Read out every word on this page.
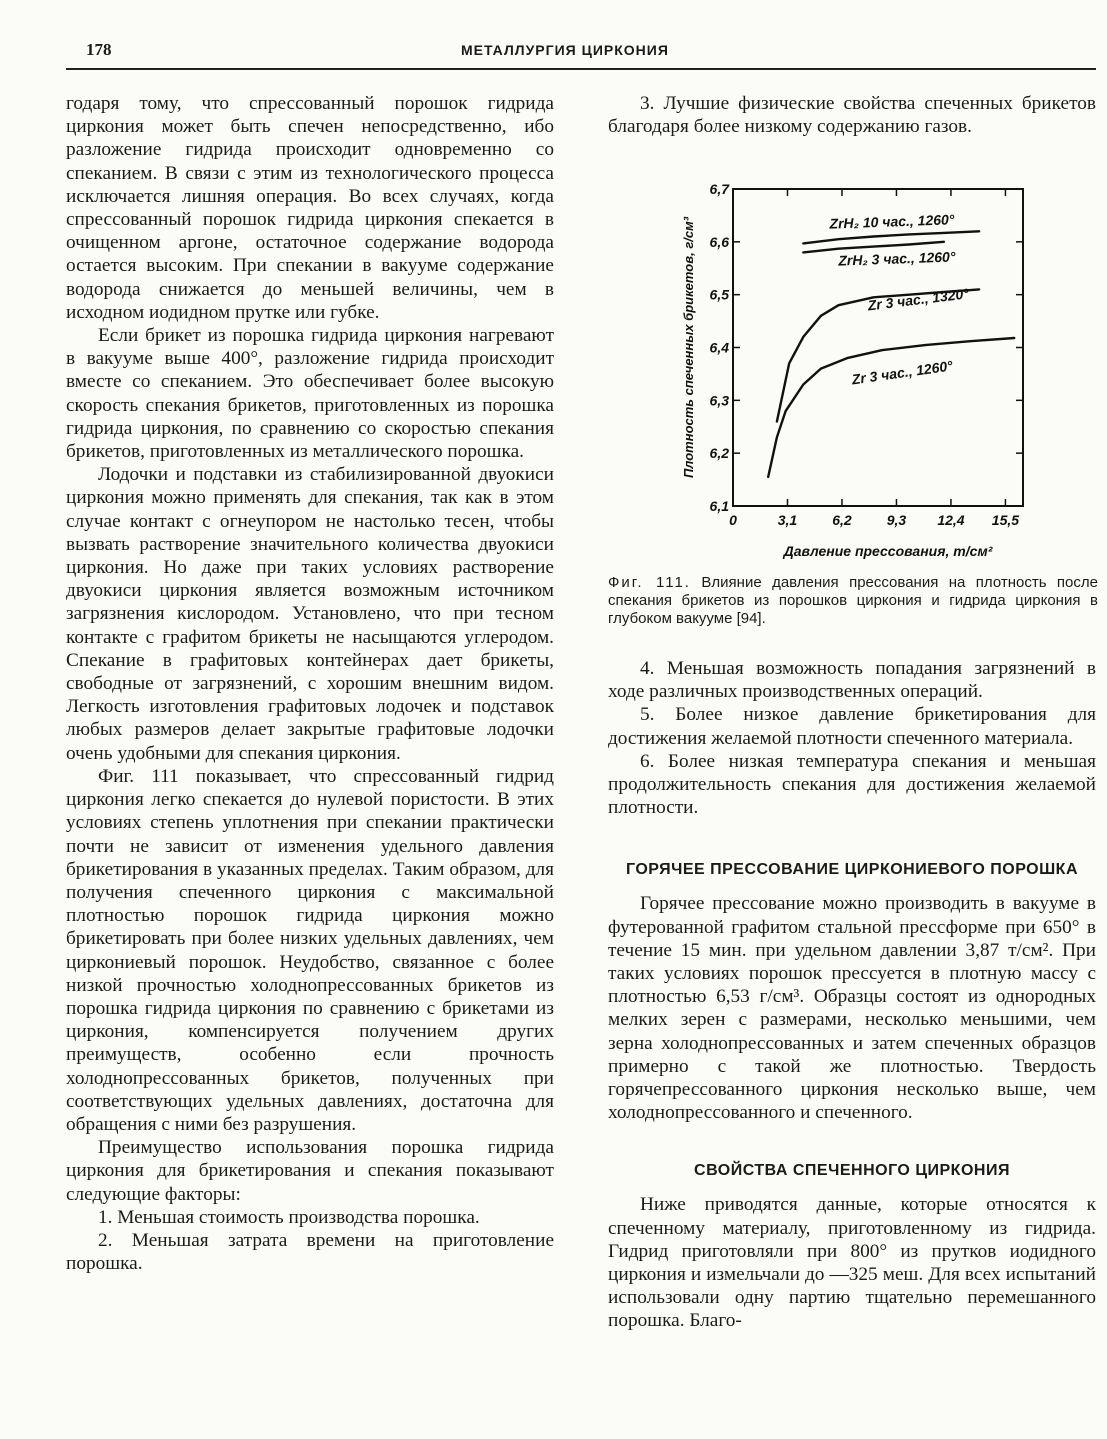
178	МЕТАЛЛУРГИЯ ЦИРКОНИЯ

годаря тому, что спрессованный порошок гидрида циркония может быть спечен непосредственно, ибо разложение гидрида происходит одновременно со спеканием. В связи с этим из технологического процесса исключается лишняя операция. Во всех случаях, когда спрессованный порошок гидрида циркония спекается в очищенном аргоне, остаточное содержание водорода остается высоким. При спекании в вакууме содержание водорода снижается до меньшей величины, чем в исходном иодидном прутке или губке.

Если брикет из порошка гидрида циркония нагревают в вакууме выше 400°, разложение гидрида происходит вместе со спеканием. Это обеспечивает более высокую скорость спекания брикетов, приготовленных из порошка гидрида циркония, по сравнению со скоростью спекания брикетов, приготовленных из металлического порошка.

Лодочки и подставки из стабилизированной двуокиси циркония можно применять для спекания, так как в этом случае контакт с огнеупором не настолько тесен, чтобы вызвать растворение значительного количества двуокиси циркония. Но даже при таких условиях растворение двуокиси циркония является возможным источником загрязнения кислородом. Установлено, что при тесном контакте с графитом брикеты не насыщаются углеродом. Спекание в графитовых контейнерах дает брикеты, свободные от загрязнений, с хорошим внешним видом. Легкость изготовления графитовых лодочек и подставок любых размеров делает закрытые графитовые лодочки очень удобными для спекания циркония.

Фиг. 111 показывает, что спрессованный гидрид циркония легко спекается до нулевой пористости. В этих условиях степень уплотнения при спекании практически почти не зависит от изменения удельного давления брикетирования в указанных пределах. Таким образом, для получения спеченного циркония с максимальной плотностью порошок гидрида циркония можно брикетировать при более низких удельных давлениях, чем циркониевый порошок. Неудобство, связанное с более низкой прочностью холоднопрессованных брикетов из порошка гидрида циркония по сравнению с брикетами из циркония, компенсируется получением других преимуществ, особенно если прочность холоднопрессованных брикетов, полученных при соответствующих удельных давлениях, достаточна для обращения с ними без разрушения.

Преимущество использования порошка гидрида циркония для брикетирования и спекания показывают следующие факторы:

1. Меньшая стоимость производства порошка.

2. Меньшая затрата времени на приготовление порошка.

3. Лучшие физические свойства спеченных брикетов благодаря более низкому содержанию газов.

0	3,1	6,2	9,3 12,4 15,5
6,1
6,2
6,3
6,4
6,5
6,6
6,7
Давление прессования, т/см²
Плотность спеченных брикетов, г/см³	ZrH₂ 10 час., 1260°
ZrH₂ 3 час., 1260°
Zr 3 час., 1320°
Zr 3 час., 1260°
Фиг. 111. Влияние давления прессования на плотность после спекания брикетов из порошков циркония и гидрида циркония в глубоком вакууме [94].

4. Меньшая возможность попадания загрязнений в ходе различных производственных операций.

5. Более низкое давление брикетирования для достижения желаемой плотности спеченного материала.

6. Более низкая температура спекания и меньшая продолжительность спекания для достижения желаемой плотности.

ГОРЯЧЕЕ ПРЕССОВАНИЕ ЦИРКОНИЕВОГО ПОРОШКА

Горячее прессование можно производить в вакууме в футерованной графитом стальной прессформе при 650° в течение 15 мин. при удельном давлении 3,87 т/см². При таких условиях порошок прессуется в плотную массу с плотностью 6,53 г/см³. Образцы состоят из однородных мелких зерен с размерами, несколько меньшими, чем зерна холоднопрессованных и затем спеченных образцов примерно с такой же плотностью. Твердость горячепрессованного циркония несколько выше, чем холоднопрессованного и спеченного.

СВОЙСТВА СПЕЧЕННОГО ЦИРКОНИЯ

Ниже приводятся данные, которые относятся к спеченному материалу, приготовленному из гидрида. Гидрид приготовляли при 800° из прутков иодидного циркония и измельчали до —325 меш. Для всех испытаний использовали одну партию тщательно перемешанного порошка. Благо-
